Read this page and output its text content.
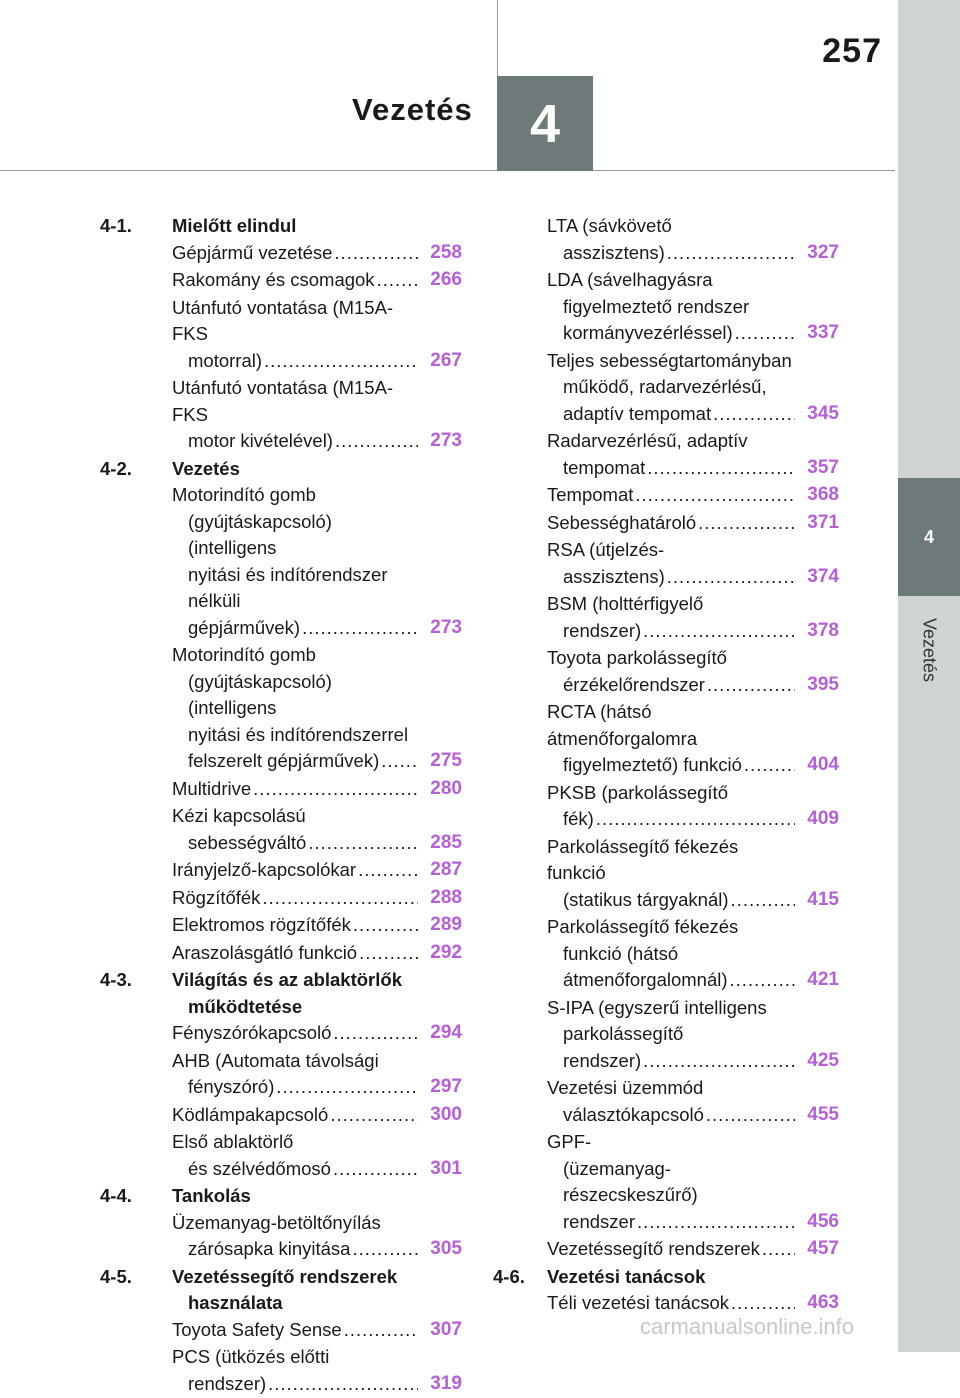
257
Vezetés	4
4
Vezetés
4-1.	Mielőtt elindul
Gépjármű vezetése .....	258
Rakomány és csomagok .....	266
Utánfutó vontatása (M15A-FKS
motorral) .....	267
Utánfutó vontatása (M15A-FKS
motor kivételével) .....	273
4-2.	Vezetés
Motorindító gomb
(gyújtáskapcsoló) (intelligens
nyitási és indítórendszer nélküli
gépjárművek) .....	273
Motorindító gomb
(gyújtáskapcsoló) (intelligens
nyitási és indítórendszerrel
felszerelt gépjárművek) .....	275
Multidrive .....	280
Kézi kapcsolású
sebességváltó .....	285
Irányjelző-kapcsolókar .....	287
Rögzítőfék .....	288
Elektromos rögzítőfék .....	289
Araszolásgátló funkció .....	292
4-3.	Világítás és az ablaktörlők
működtetése
Fényszórókapcsoló .....	294
AHB (Automata távolsági
fényszóró) .....	297
Ködlámpakapcsoló .....	300
Első ablaktörlő
és szélvédőmosó .....	301
4-4.	Tankolás
Üzemanyag-betöltőnyílás
zárósapka kinyitása .....	305
4-5.	Vezetéssegítő rendszerek
használata
Toyota Safety Sense .....	307
PCS (ütközés előtti
rendszer) .....	319
LTA (sávkövető
asszisztens) .....	327
LDA (sávelhagyásra
figyelmeztető rendszer
kormányvezérléssel) .....	337
Teljes sebességtartományban
működő, radarvezérlésű,
adaptív tempomat .....	345
Radarvezérlésű, adaptív
tempomat .....	357
Tempomat .....	368
Sebességhatároló .....	371
RSA (útjelzés-
asszisztens) .....	374
BSM (holttérfigyelő
rendszer) .....	378
Toyota parkolássegítő
érzékelőrendszer .....	395
RCTA (hátsó átmenőforgalomra
figyelmeztető) funkció .....	404
PKSB (parkolássegítő
fék) .....	409
Parkolássegítő fékezés funkció
(statikus tárgyaknál) .....	415
Parkolássegítő fékezés
funkció (hátsó
átmenőforgalomnál) .....	421
S-IPA (egyszerű intelligens
parkolássegítő
rendszer) .....	425
Vezetési üzemmód
választókapcsoló .....	455
GPF-
(üzemanyag-részecskeszűrő)
rendszer .....	456
Vezetéssegítő rendszerek .....	457
4-6.	Vezetési tanácsok
Téli vezetési tanácsok .....	463
carmanualsonline.info
